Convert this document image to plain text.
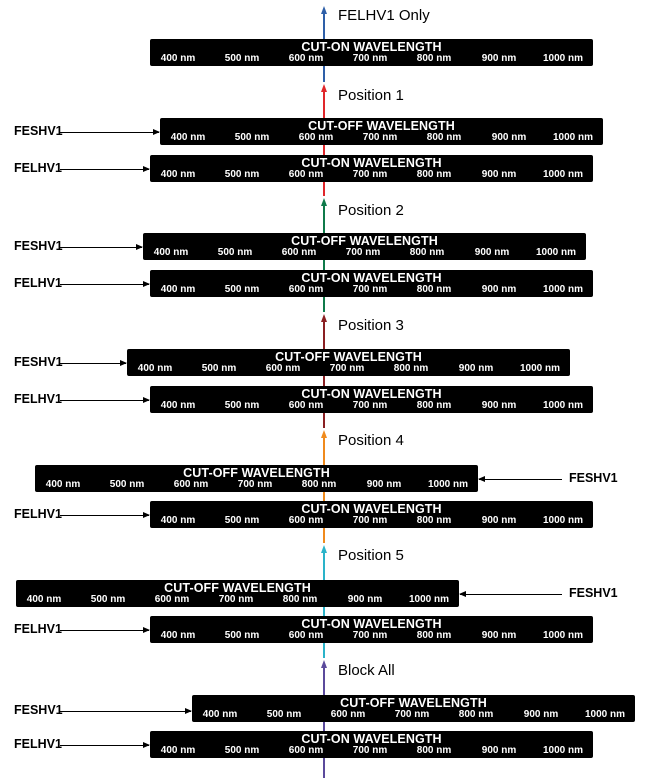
FELHV1 Only
CUT-ON WAVELENGTH
400 nm	500 nm	600 nm	700 nm	800 nm	900 nm	1000 nm
Position 1
CUT-OFF WAVELENGTH
400 nm	500 nm	600 nm	700 nm	800 nm	900 nm	1000 nm
FESHV1
CUT-ON WAVELENGTH
400 nm	500 nm	600 nm	700 nm	800 nm	900 nm	1000 nm
FELHV1
Position 2
CUT-OFF WAVELENGTH
400 nm	500 nm	600 nm	700 nm	800 nm	900 nm	1000 nm
FESHV1
CUT-ON WAVELENGTH
400 nm	500 nm	600 nm	700 nm	800 nm	900 nm	1000 nm
FELHV1
Position 3
CUT-OFF WAVELENGTH
400 nm	500 nm	600 nm	700 nm	800 nm	900 nm	1000 nm
FESHV1
CUT-ON WAVELENGTH
400 nm	500 nm	600 nm	700 nm	800 nm	900 nm	1000 nm
FELHV1
Position 4
CUT-OFF WAVELENGTH
400 nm	500 nm	600 nm	700 nm	800 nm	900 nm	1000 nm	FESHV1
CUT-ON WAVELENGTH
400 nm	500 nm	600 nm	700 nm	800 nm	900 nm	1000 nm
FELHV1
Position 5
CUT-OFF WAVELENGTH
400 nm	500 nm	600 nm	700 nm	800 nm	900 nm	1000 nm	FESHV1
CUT-ON WAVELENGTH
400 nm	500 nm	600 nm	700 nm	800 nm	900 nm	1000 nm
FELHV1
Block All
CUT-OFF WAVELENGTH
400 nm	500 nm	600 nm	700 nm	800 nm	900 nm	1000 nm
FESHV1
CUT-ON WAVELENGTH
400 nm	500 nm	600 nm	700 nm	800 nm	900 nm	1000 nm
FELHV1
